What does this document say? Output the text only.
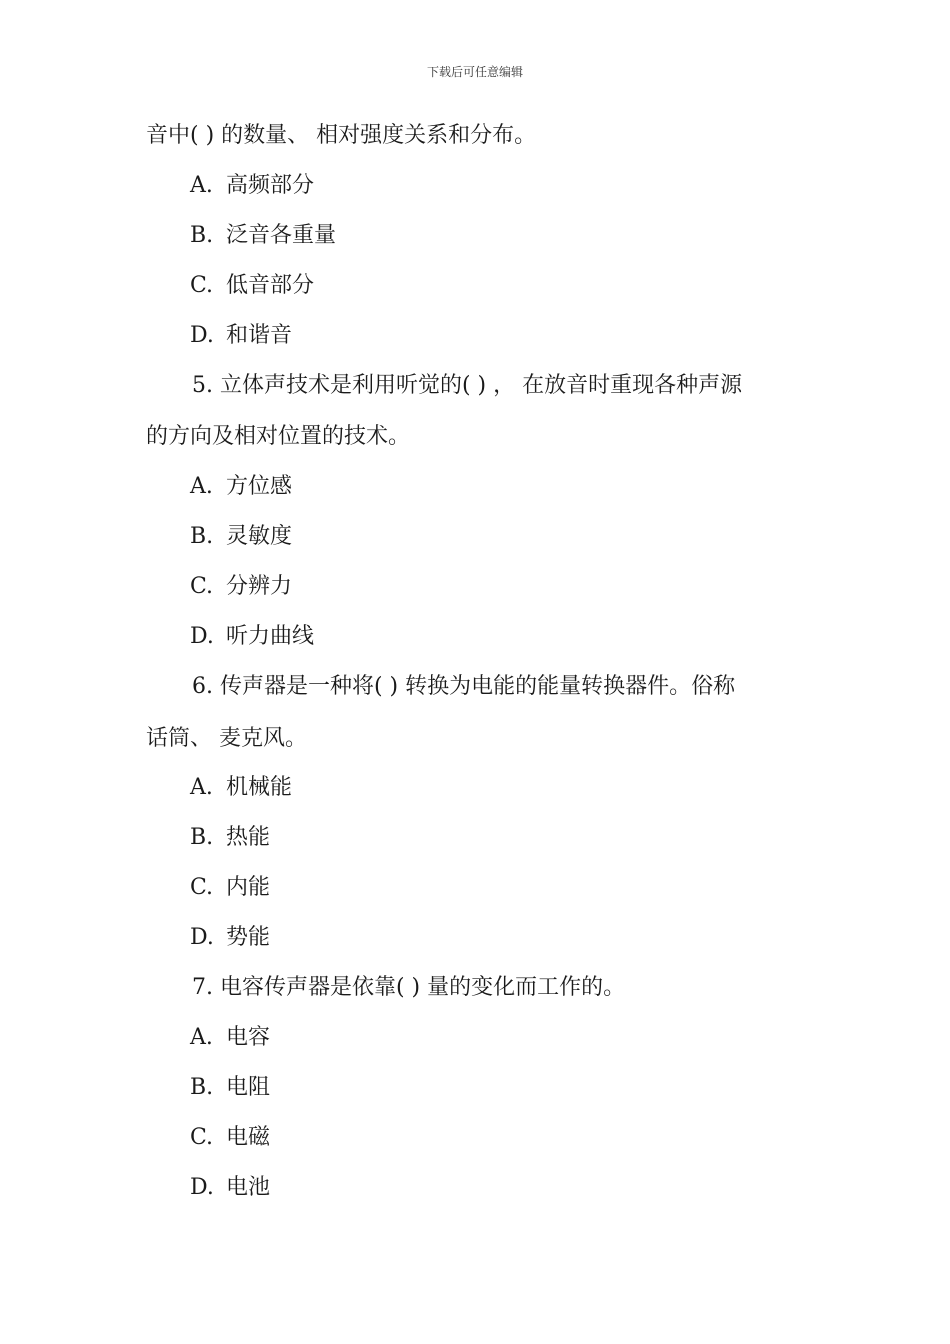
下载后可任意编辑
音中( ) 的数量、 相对强度关系和分布。
A. 高频部分
B. 泛音各重量
C. 低音部分
D. 和谐音
5. 立体声技术是利用听觉的( ) ， 在放音时重现各种声源
的方向及相对位置的技术。
A. 方位感
B. 灵敏度
C. 分辨力
D. 听力曲线
6. 传声器是一种将( ) 转换为电能的能量转换器件。俗称
话筒、 麦克风。
A. 机械能
B. 热能
C. 内能
D. 势能
7. 电容传声器是依靠( ) 量的变化而工作的。
A. 电容
B. 电阻
C. 电磁
D. 电池
